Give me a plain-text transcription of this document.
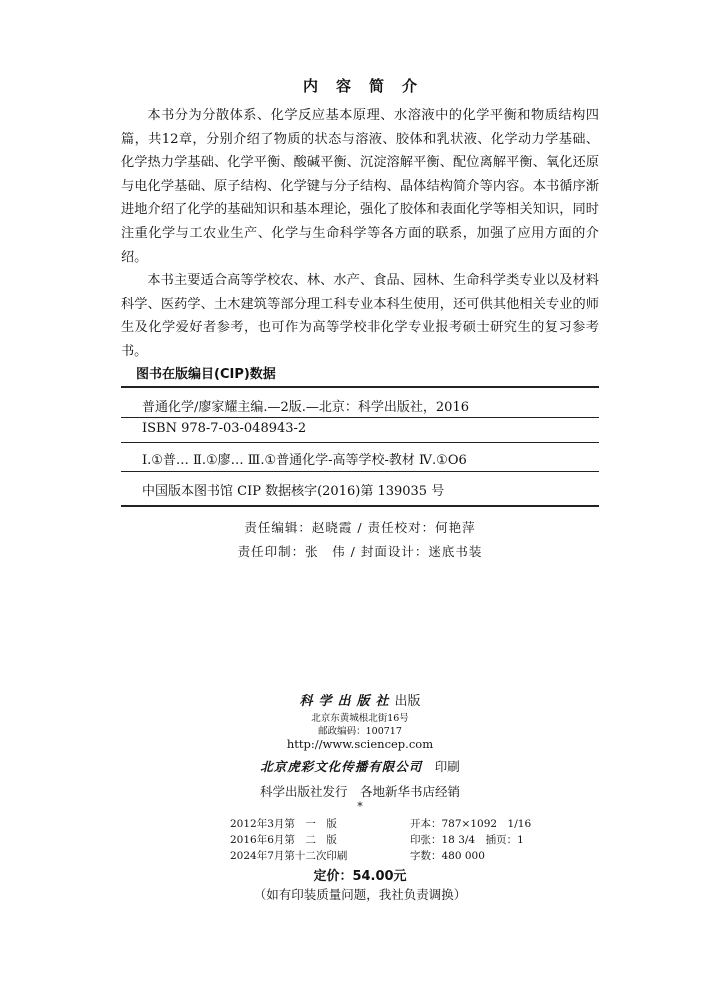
内容简介

本书分为分散体系、化学反应基本原理、水溶液中的化学平衡和物质结构四篇，共12章，分别介绍了物质的状态与溶液、胶体和乳状液、化学动力学基础、化学热力学基础、化学平衡、酸碱平衡、沉淀溶解平衡、配位离解平衡、氧化还原与电化学基础、原子结构、化学键与分子结构、晶体结构简介等内容。本书循序渐进地介绍了化学的基础知识和基本理论，强化了胶体和表面化学等相关知识，同时注重化学与工农业生产、化学与生命科学等各方面的联系，加强了应用方面的介绍。

本书主要适合高等学校农、林、水产、食品、园林、生命科学类专业以及材料科学、医药学、土木建筑等部分理工科专业本科生使用，还可供其他相关专业的师生及化学爱好者参考，也可作为高等学校非化学专业报考硕士研究生的复习参考书。

图书在版编目(CIP)数据
普通化学/廖家耀主编.—2版.—北京：科学出版社，2016
ISBN 978-7-03-048943-2
Ⅰ.①普… Ⅱ.①廖… Ⅲ.①普通化学-高等学校-教材 Ⅳ.①O6
中国版本图书馆 CIP 数据核字(2016)第 139035 号
责任编辑：赵晓霞 / 责任校对：何艳萍
责任印制：张　伟 / 封面设计：迷底书装
科学出版社出版
北京东黄城根北街16号
邮政编码：100717
http://www.sciencep.com
北京虎彩文化传播有限公司　 印刷
科学出版社发行　各地新华书店经销
*
2012年3月第　一　版	开本：787×1092　1/16
2016年6月第　二　版	印张：18 3/4　插页：1
2024年7月第十二次印刷	字数：480 000
定价：54.00元
（如有印装质量问题，我社负责调换）
